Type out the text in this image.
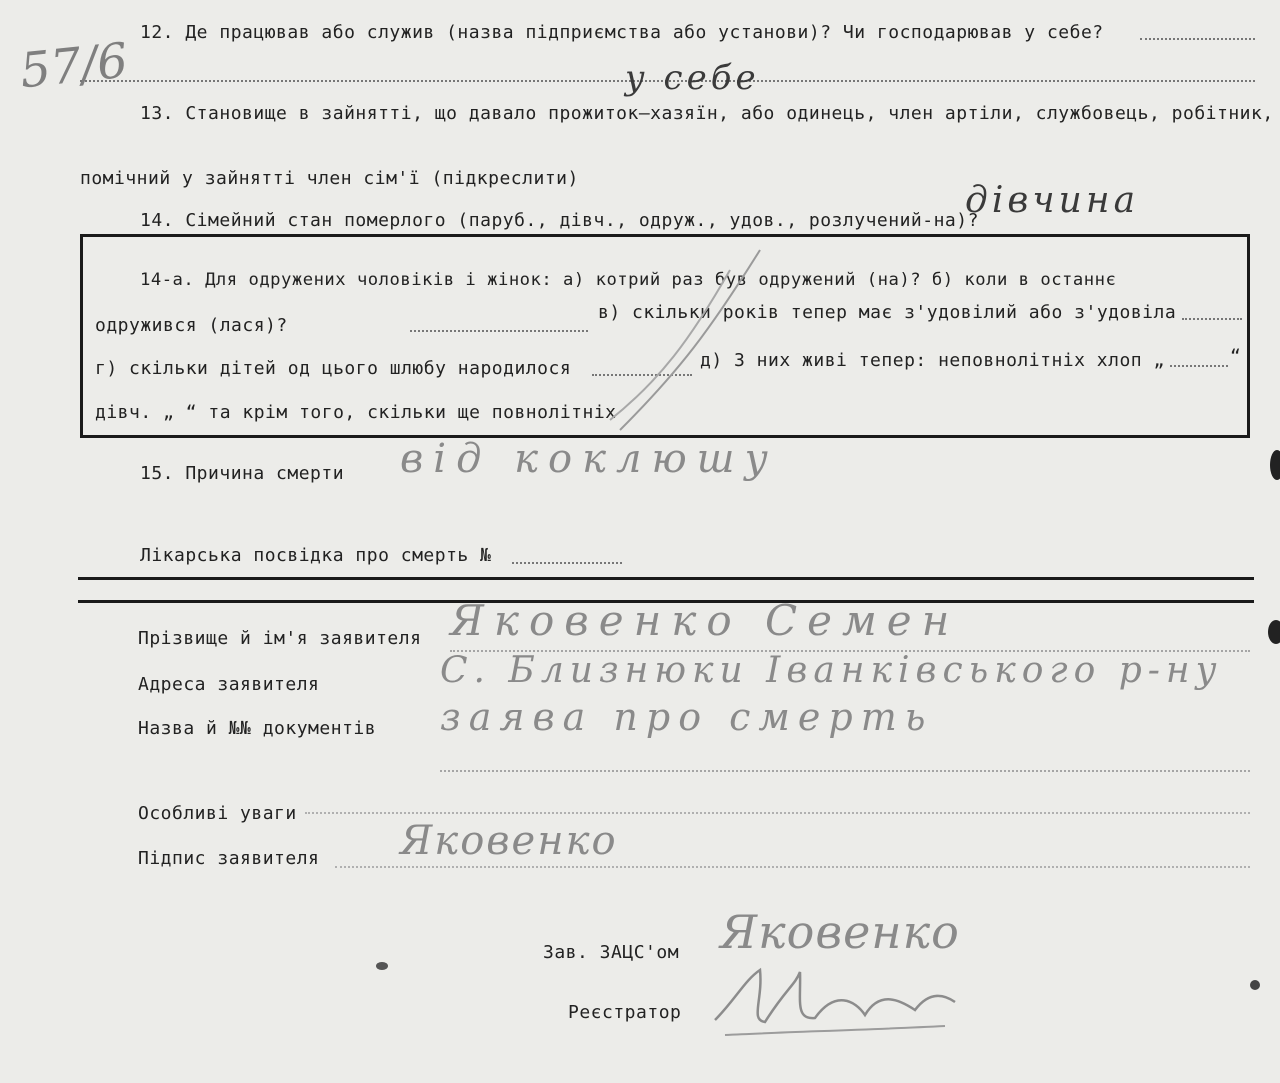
57/6
12. Де працював або служив (назва підприємства або установи)? Чи господарював у себе?
у себе
13. Становище в зайнятті, що давало прожиток—хазяїн, або одинець, член артіли, службовець, робітник,
помічний у зайнятті член сім'ї (підкреслити)
14. Сімейний стан померлого (паруб., дівч., одруж., удов., розлучений-на)?
дівчина
14-а. Для одружених чоловіків і жінок: а) котрий раз був одружений (на)? б) коли в останнє
одружився (лася)?
в) скільки років тепер має з'удовілий або з'удовіла
г) скільки дітей од цього шлюбу народилося	д) 3 них живі тепер: неповнолітніх хлоп „	“
дівч. „ “ та крім того, скільки ще повнолітніх
15. Причина смерти від коклюшу
Лікарська посвідка про смерть №
Прізвище й ім'я заявителя Яковенко Семен
Адреса заявителя	С. Близнюки Іванківського р-ну
Назва й №№ документів заява про смерть
Особливі уваги
Підпис заявителя Яковенко
Зав. ЗАЦС'ом Яковенко
Реєстратор
